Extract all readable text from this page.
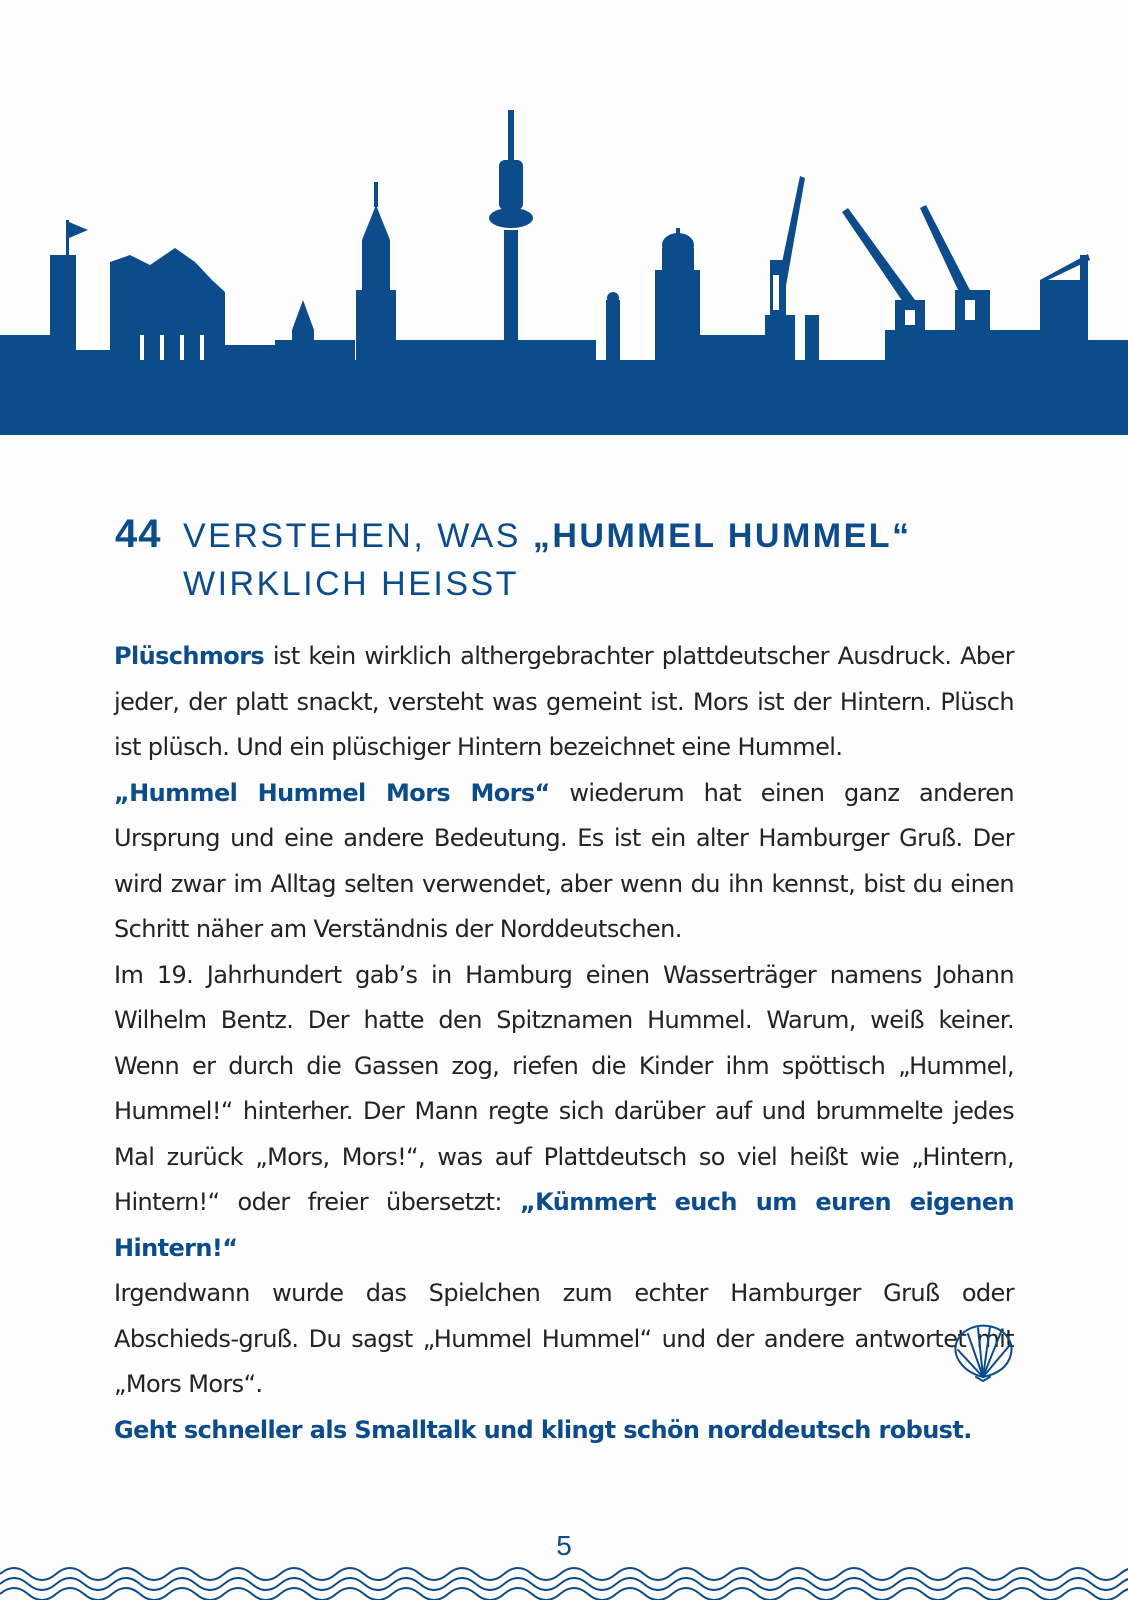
44 VERSTEHEN, WAS „HUMMEL HUMMEL“
WIRKLICH HEISST

Plüschmors ist kein wirklich althergebrachter plattdeutscher Ausdruck. Aber jeder, der platt snackt, versteht was gemeint ist. Mors ist der Hintern. Plüsch ist plüsch. Und ein plüschiger Hintern bezeichnet eine Hummel.

„Hummel Hummel Mors Mors“ wiederum hat einen ganz anderen Ursprung und eine andere Bedeutung. Es ist ein alter Hamburger Gruß. Der wird zwar im Alltag selten verwendet, aber wenn du ihn kennst, bist du einen Schritt näher am Verständnis der Norddeutschen.

Im 19. Jahrhundert gab’s in Hamburg einen Wasserträger namens Johann Wilhelm Bentz. Der hatte den Spitznamen Hummel. Warum, weiß keiner. Wenn er durch die Gassen zog, riefen die Kinder ihm spöttisch „Hummel, Hummel!“ hinterher. Der Mann regte sich darüber auf und brummelte jedes Mal zurück „Mors, Mors!“, was auf Plattdeutsch so viel heißt wie „Hintern, Hintern!“ oder freier übersetzt: „Kümmert euch um euren eigenen Hintern!“

Irgendwann wurde das Spielchen zum echter Hamburger Gruß oder Abschieds-gruß. Du sagst „Hummel Hummel“ und der andere antwortet mit „Mors Mors“.

Geht schneller als Smalltalk und klingt schön norddeutsch robust.

5
